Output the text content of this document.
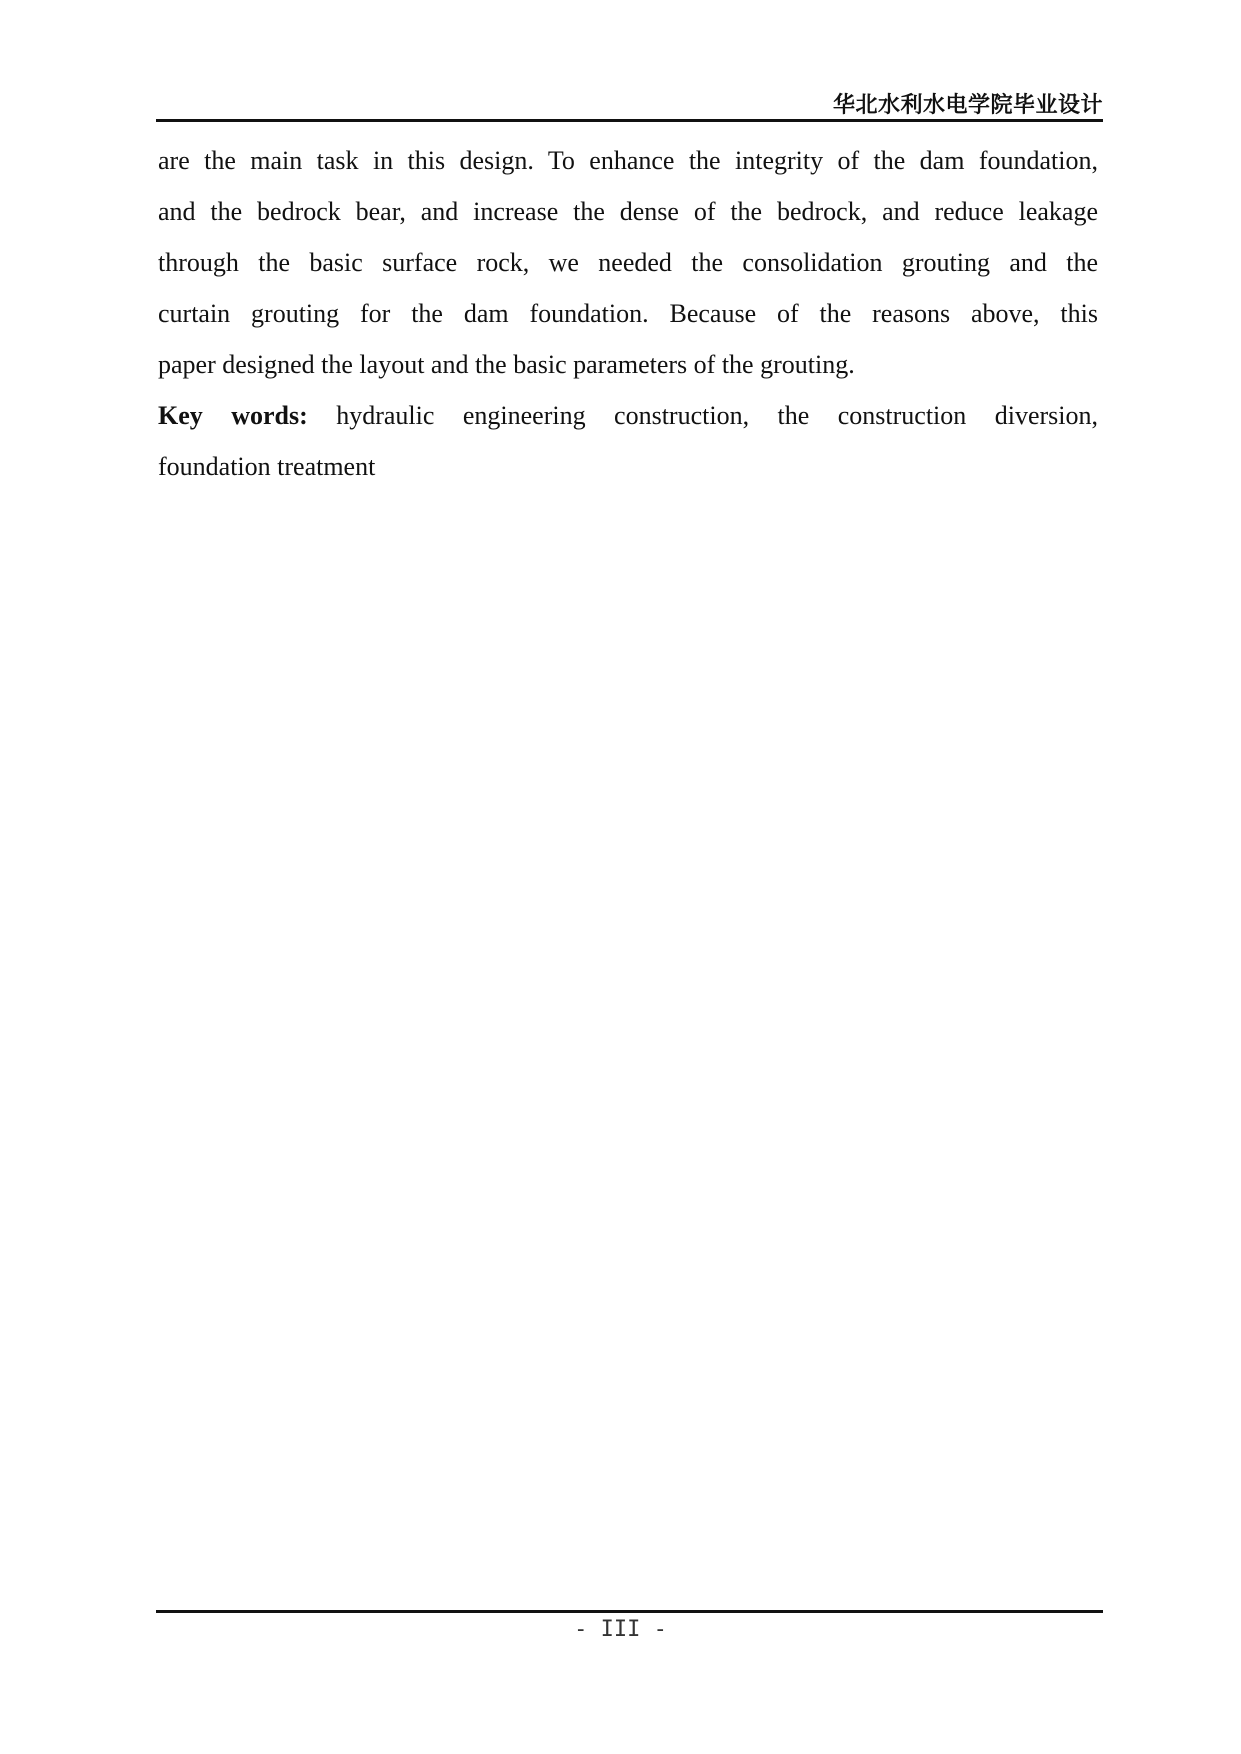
华北水利水电学院毕业设计
are the main task in this design. To enhance the integrity of the dam foundation,
and the bedrock bear, and increase the dense of the bedrock, and reduce leakage
through the basic surface rock, we needed the consolidation grouting and the
curtain grouting for the dam foundation. Because of the reasons above, this
paper designed the layout and the basic parameters of the grouting.
Key words: hydraulic engineering construction, the construction diversion,
foundation treatment
- III -
